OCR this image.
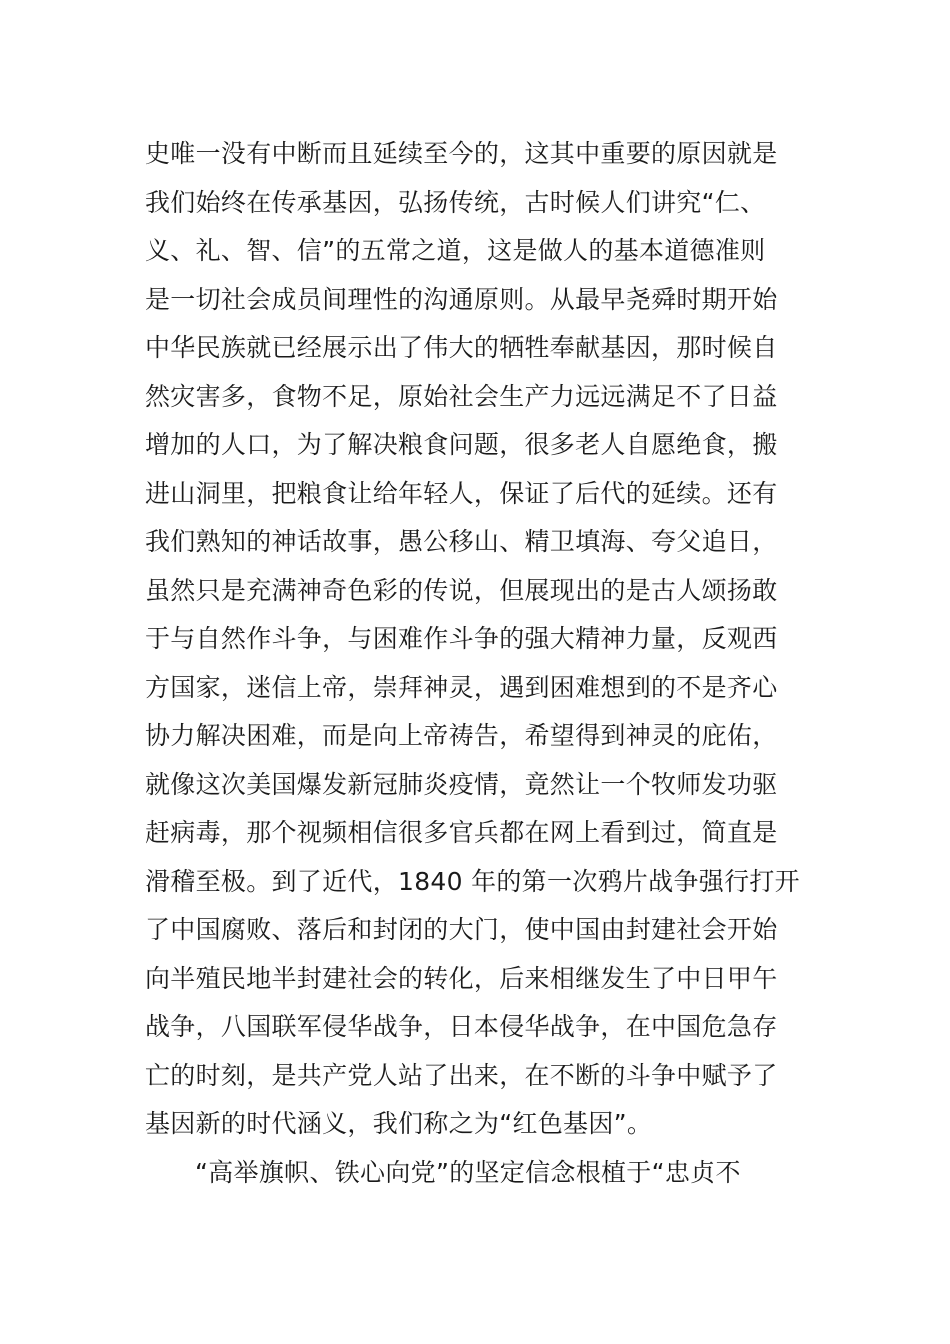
史唯一没有中断而且延续至今的，这其中重要的原因就是
我们始终在传承基因，弘扬传统，古时候人们讲究“仁、
义、礼、智、信”的五常之道，这是做人的基本道德准则
是一切社会成员间理性的沟通原则。从最早尧舜时期开始
中华民族就已经展示出了伟大的牺牲奉献基因，那时候自
然灾害多，食物不足，原始社会生产力远远满足不了日益
增加的人口，为了解决粮食问题，很多老人自愿绝食，搬
进山洞里，把粮食让给年轻人，保证了后代的延续。还有
我们熟知的神话故事，愚公移山、精卫填海、夸父追日，
虽然只是充满神奇色彩的传说，但展现出的是古人颂扬敢
于与自然作斗争，与困难作斗争的强大精神力量，反观西
方国家，迷信上帝，崇拜神灵，遇到困难想到的不是齐心
协力解决困难，而是向上帝祷告，希望得到神灵的庇佑，
就像这次美国爆发新冠肺炎疫情，竟然让一个牧师发功驱
赶病毒，那个视频相信很多官兵都在网上看到过，简直是
滑稽至极。到了近代，1840 年的第一次鸦片战争强行打开
了中国腐败、落后和封闭的大门，使中国由封建社会开始
向半殖民地半封建社会的转化，后来相继发生了中日甲午
战争，八国联军侵华战争，日本侵华战争，在中国危急存
亡的时刻，是共产党人站了出来，在不断的斗争中赋予了
基因新的时代涵义，我们称之为“红色基因”。
“高举旗帜、铁心向党”的坚定信念根植于“忠贞不
